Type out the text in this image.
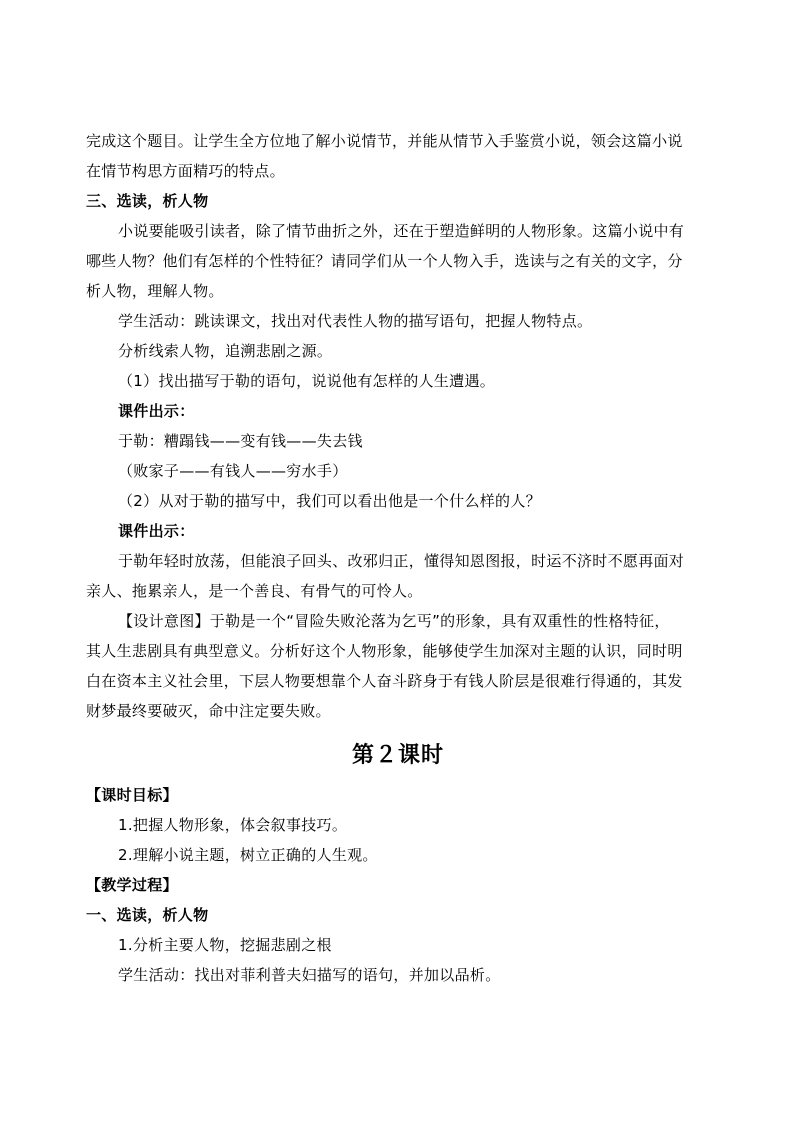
完成这个题目。让学生全方位地了解小说情节，并能从情节入手鉴赏小说，领会这篇小说
在情节构思方面精巧的特点。
三、选读，析人物
小说要能吸引读者，除了情节曲折之外，还在于塑造鲜明的人物形象。这篇小说中有
哪些人物？他们有怎样的个性特征？请同学们从一个人物入手，选读与之有关的文字，分
析人物，理解人物。
学生活动：跳读课文，找出对代表性人物的描写语句，把握人物特点。
分析线索人物，追溯悲剧之源。
（1）找出描写于勒的语句，说说他有怎样的人生遭遇。
课件出示：
于勒：糟蹋钱——变有钱——失去钱
（败家子——有钱人——穷水手）
（2）从对于勒的描写中，我们可以看出他是一个什么样的人？
课件出示：
于勒年轻时放荡，但能浪子回头、改邪归正，懂得知恩图报，时运不济时不愿再面对
亲人、拖累亲人，是一个善良、有骨气的可怜人。
【设计意图】于勒是一个“冒险失败沦落为乞丐”的形象，具有双重性的性格特征，
其人生悲剧具有典型意义。分析好这个人物形象，能够使学生加深对主题的认识，同时明
白在资本主义社会里，下层人物要想靠个人奋斗跻身于有钱人阶层是很难行得通的，其发
财梦最终要破灭，命中注定要失败。
第２课时
【课时目标】
1.把握人物形象，体会叙事技巧。
2.理解小说主题，树立正确的人生观。
【教学过程】
一、选读，析人物
1.分析主要人物，挖掘悲剧之根
学生活动：找出对菲利普夫妇描写的语句，并加以品析。
